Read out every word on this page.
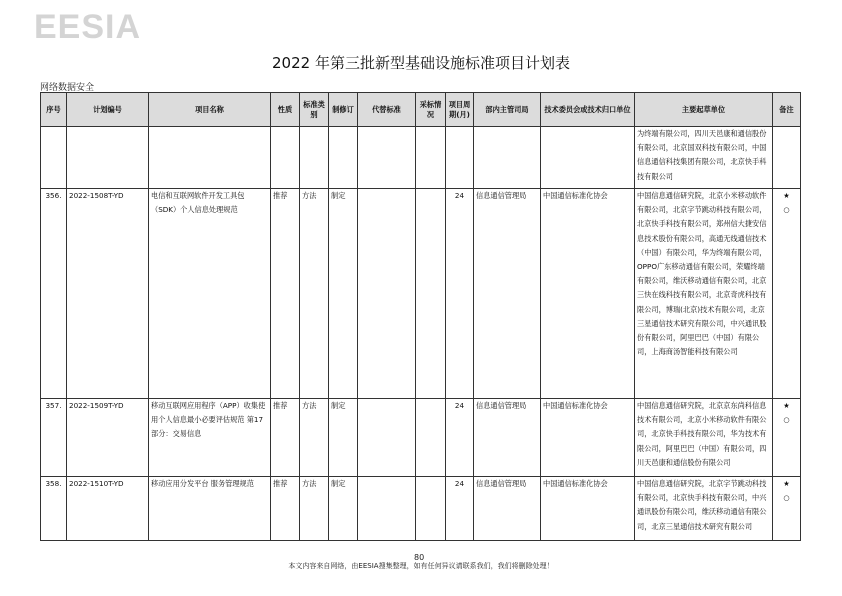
EESIA
2022 年第三批新型基础设施标准项目计划表
网络数据安全
序号	计划编号	项目名称	性质	标准类别	制修订	代替标准	采标情况	项目周期(月)	部内主管司局	技术委员会或技术归口单位	主要起草单位	备注
											为终端有限公司，四川天邑康和通信股份有限公司，北京国双科技有限公司，中国信息通信科技集团有限公司，北京快手科技有限公司	
356.	2022-1508T-YD	电信和互联网软件开发工具包（SDK）个人信息处理规范	推荐	方法	制定			24	信息通信管理局	中国通信标准化协会	中国信息通信研究院，北京小米移动软件有限公司，北京字节跳动科技有限公司，北京快手科技有限公司，郑州信大捷安信息技术股份有限公司，高通无线通信技术（中国）有限公司，华为终端有限公司，OPPO广东移动通信有限公司，荣耀终端有限公司，维沃移动通信有限公司，北京三快在线科技有限公司，北京奇虎科技有限公司，博瑞(北京)技术有限公司，北京三星通信技术研究有限公司，中兴通讯股份有限公司，阿里巴巴（中国）有限公司，上海商汤智能科技有限公司	★
○
357.	2022-1509T-YD	移动互联网应用程序（APP）收集使用个人信息最小必要评估规范 第17部分：交易信息	推荐	方法	制定			24	信息通信管理局	中国通信标准化协会	中国信息通信研究院，北京京东尚科信息技术有限公司，北京小米移动软件有限公司，北京快手科技有限公司，华为技术有限公司，阿里巴巴（中国）有限公司，四川天邑康和通信股份有限公司	★
○
358.	2022-1510T-YD	移动应用分发平台 服务管理规范	推荐	方法	制定			24	信息通信管理局	中国通信标准化协会	中国信息通信研究院，北京字节跳动科技有限公司，北京快手科技有限公司，中兴通讯股份有限公司，维沃移动通信有限公司，北京三星通信技术研究有限公司	★
○
80
本文内容来自网络，由EESIA搜集整理，如有任何异议请联系我们，我们将删除处理！
